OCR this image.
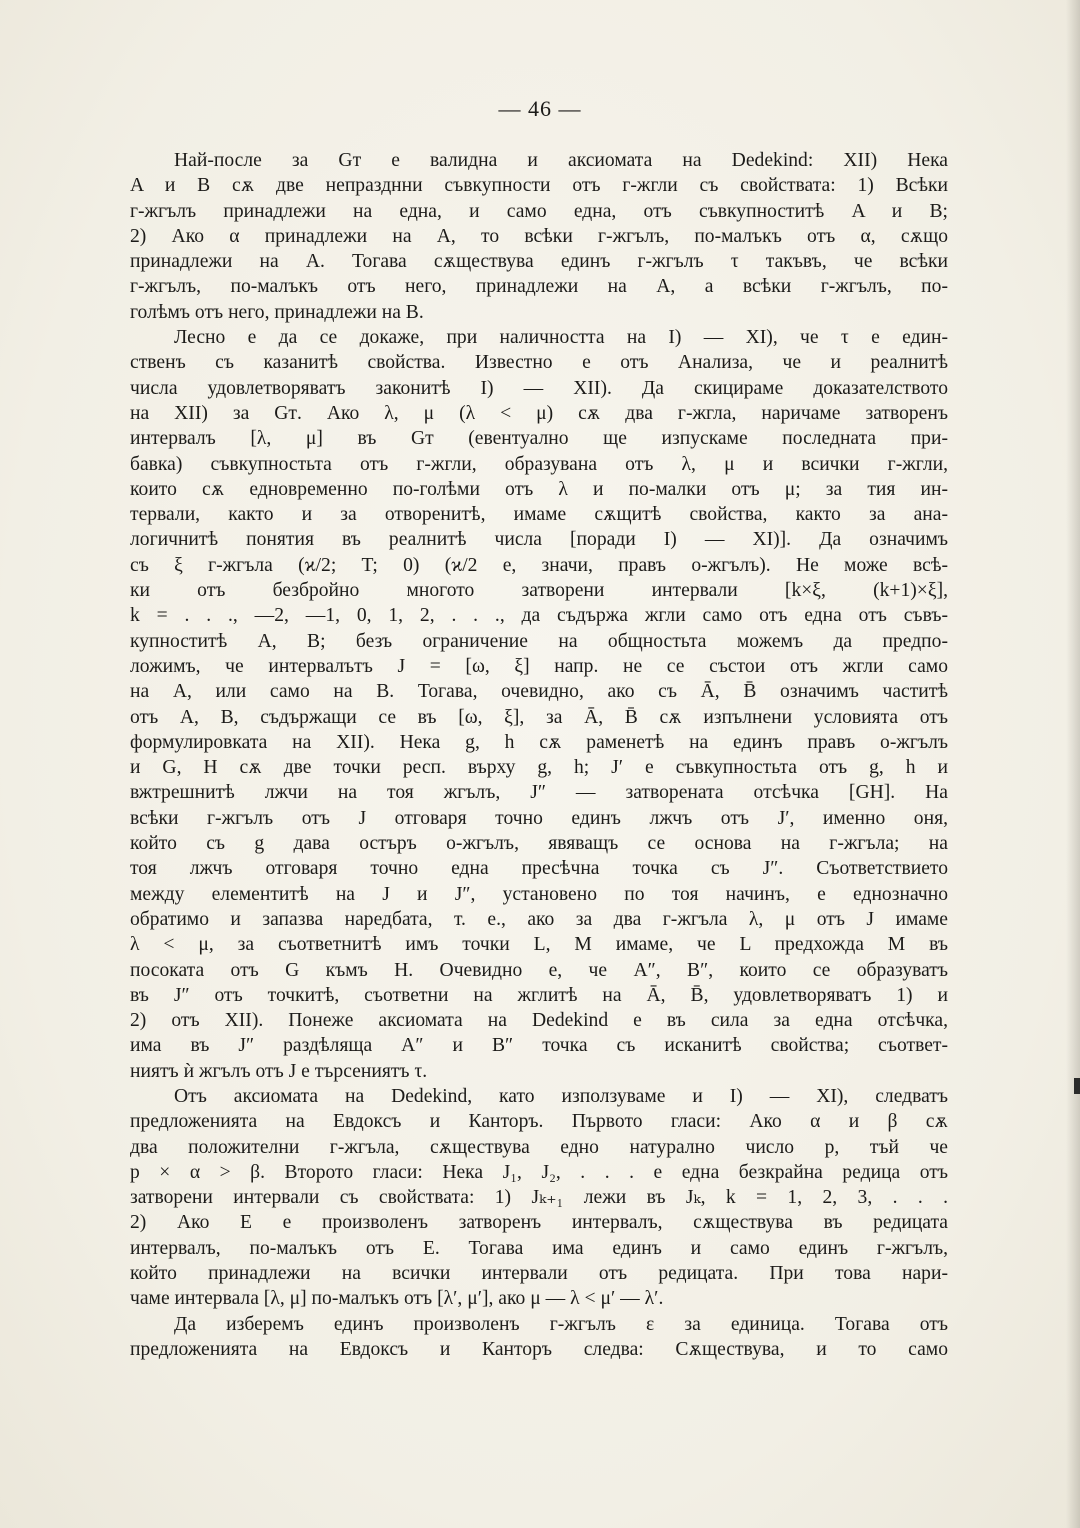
— 46 —
Най-после за Gᴛ е валидна и аксиомата на Dedekind: XII) Нека
A и B сѫ две непразднни съвкупности отъ г-жгли съ свойствата: 1) Всѣки
г-жгълъ принадлежи на една, и само една, отъ съвкупноститѣ A и B;
2) Ако α принадлежи на A, то всѣки г-жгълъ, по-малъкъ отъ α, сѫщо
принадлежи на A. Тогава сѫществува единъ г-жгълъ τ такъвъ, че всѣки
г-жгълъ, по-малъкъ отъ него, принадлежи на A, а всѣки г-жгълъ, по-
голѣмъ отъ него, принадлежи на B.
Лесно е да се докаже, при наличността на I) — XI), че τ е един-
ственъ съ казанитѣ свойства. Известно е отъ Анализа, че и реалнитѣ
числа удовлетворяватъ законитѣ I) — XII). Да скицираме доказателството
на XII) за Gᴛ. Ако λ, μ (λ < μ) сѫ два г-жгла, наричаме затворенъ
интервалъ [λ, μ] въ Gᴛ (евентуално ще изпускаме последната при-
бавка) съвкупностьта отъ г-жгли, образувана отъ λ, μ и всички г-жгли,
които сѫ едновременно по-голѣми отъ λ и по-малки отъ μ; за тия ин-
тервали, както и за отворенитѣ, имаме сѫщитѣ свойства, както за ана-
логичнитѣ понятия въ реалнитѣ числа [поради I) — XI)]. Да означимъ
съ ξ г-жгъла (ϰ/2; T; 0) (ϰ/2 е, значи, правъ о-жгълъ). Не може всѣ-
ки отъ безбройно многото затворени интервали [k×ξ, (k+1)×ξ],
k = . . ., —2, —1, 0, 1, 2, . . ., да съдържа жгли само отъ една отъ съвъ-
купноститѣ A, B; безъ ограничение на общностьта можемъ да предпо-
ложимъ, че интервалътъ J = [ω, ξ] напр. не се състои отъ жгли само
на A, или само на B. Тогава, очевидно, ако съ Ā, B̄ означимъ частитѣ
отъ A, B, съдържащи се въ [ω, ξ], за Ā, B̄ сѫ изпълнени условията отъ
формулировката на XII). Нека g, h сѫ раменетѣ на единъ правъ о-жгълъ
и G, H сѫ две точки респ. върху g, h; J′ е съвкупностьта отъ g, h и
вжтрешнитѣ лжчи на тоя жгълъ, J″ — затворената отсѣчка [GH]. На
всѣки г-жгълъ отъ J отговаря точно единъ лжчъ отъ J′, именно оня,
който съ g дава остъръ о-жгълъ, явяващъ се основа на г-жгъла; на
тоя лжчъ отговаря точно една пресѣчна точка съ J″. Съответствието
между елементитѣ на J и J″, установено по тоя начинъ, е еднозначно
обратимо и запазва наредбата, т. е., ако за два г-жгъла λ, μ отъ J имаме
λ < μ, за съответнитѣ имъ точки L, M имаме, че L предхожда M въ
посоката отъ G къмъ H. Очевидно е, че A″, B″, които се образуватъ
въ J″ отъ точкитѣ, съответни на жглитѣ на Ā, B̄, удовлетворяватъ 1) и
2) отъ XII). Понеже аксиомата на Dedekind е въ сила за една отсѣчка,
има въ J″ раздѣляща A″ и B″ точка съ исканитѣ свойства; съответ-
ниятъ ѝ жгълъ отъ J е търсениятъ τ.
Отъ аксиомата на Dedekind, като използуваме и I) — XI), следватъ
предложенията на Евдоксъ и Канторъ. Първото гласи: Ако α и β сѫ
два положителни г-жгъла, сѫществува едно натурално число p, тъй че
p × α > β. Второто гласи: Нека J₁, J₂, . . . е една безкрайна редица отъ
затворени интервали съ свойствата: 1) Jₖ₊₁ лежи въ Jₖ, k = 1, 2, 3, . . .
2) Ако E е произволенъ затворенъ интервалъ, сѫществува въ редицата
интервалъ, по-малъкъ отъ E. Тогава има единъ и само единъ г-жгълъ,
който принадлежи на всички интервали отъ редицата. При това нари-
чаме интервала [λ, μ] по-малъкъ отъ [λ′, μ′], ако μ — λ < μ′ — λ′.
Да изберемъ единъ произволенъ г-жгълъ ε за единица. Тогава отъ
предложенията на Евдоксъ и Канторъ следва: Сѫществува, и то само
